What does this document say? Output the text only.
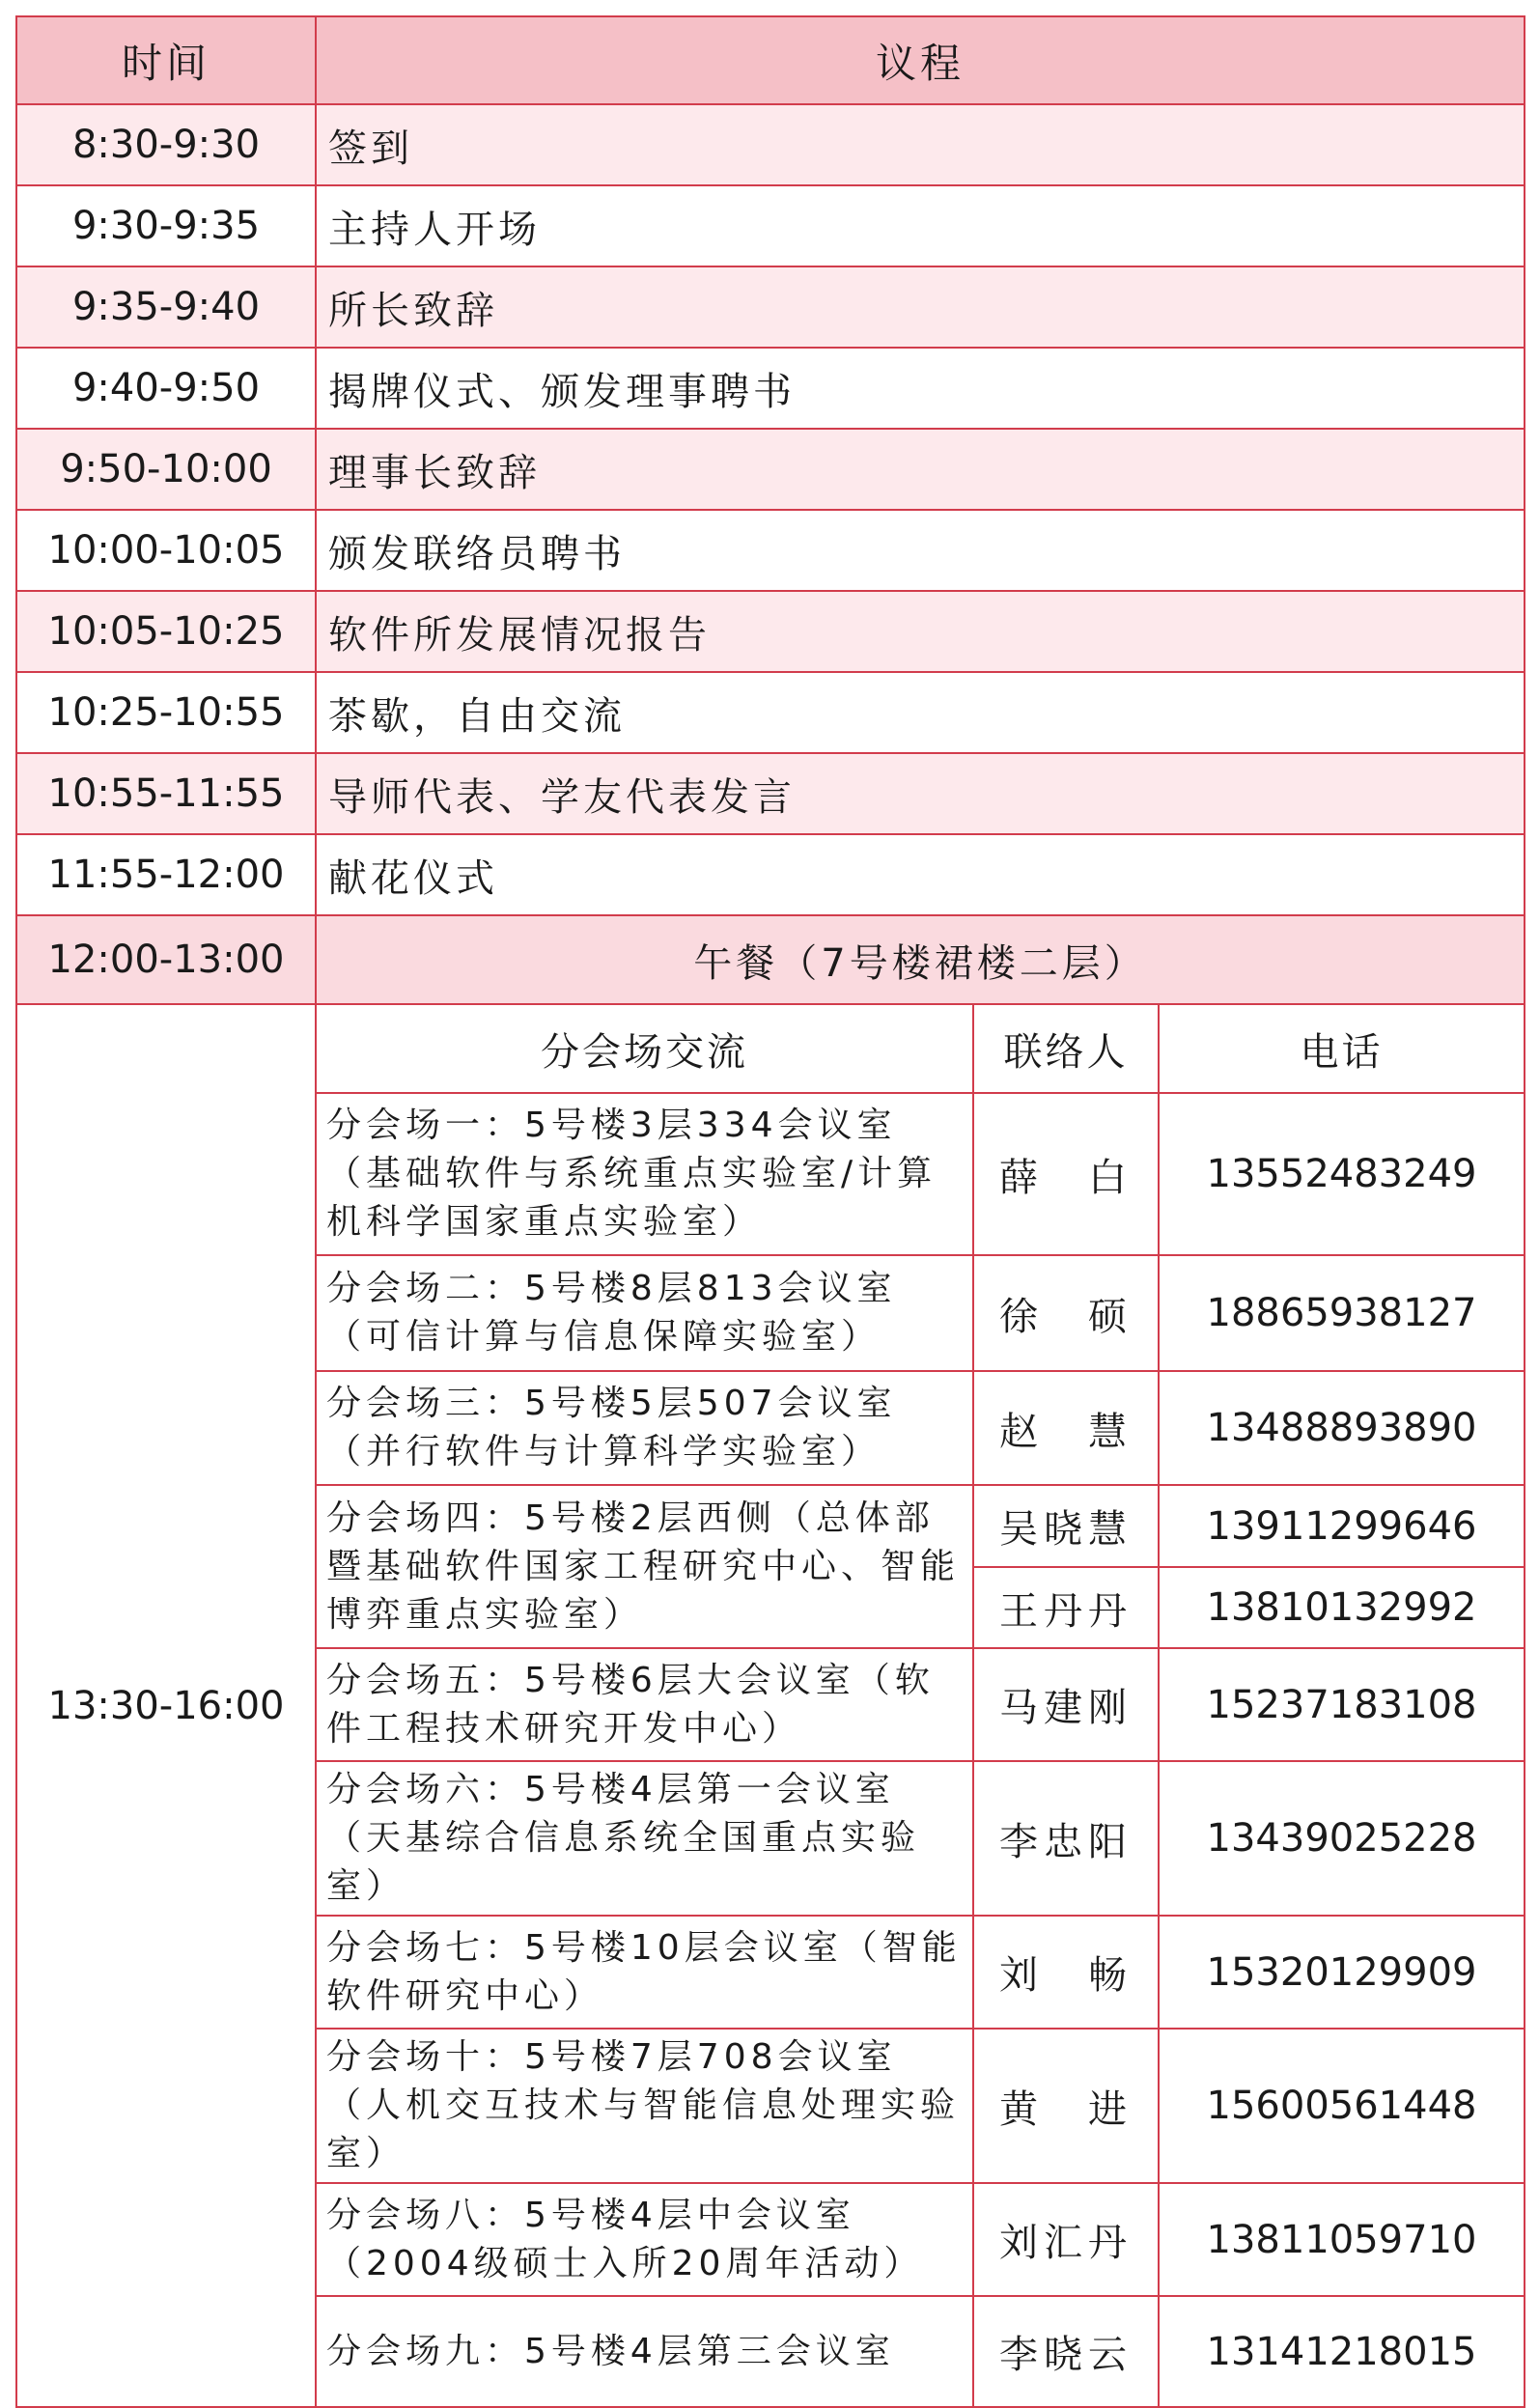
时间	议程		
8:30-9:30	签到		
9:30-9:35	主持人开场		
9:35-9:40	所长致辞		
9:40-9:50	揭牌仪式、颁发理事聘书		
9:50-10:00	理事长致辞		
10:00-10:05	颁发联络员聘书		
10:05-10:25	软件所发展情况报告		
10:25-10:55	茶歇，自由交流		
10:55-11:55	导师代表、学友代表发言		
11:55-12:00	献花仪式		
12:00-13:00	午餐（7号楼裙楼二层）		
13:30-16:00	分会场交流	联络人	电话
	分会场一：5号楼3层334会议室（基础软件与系统重点实验室/计算机科学国家重点实验室）	薛　白	13552483249
	分会场二：5号楼8层813会议室（可信计算与信息保障实验室）	徐　硕	18865938127
	分会场三：5号楼5层507会议室（并行软件与计算科学实验室）	赵　慧	13488893890
	分会场四：5号楼2层西侧（总体部暨基础软件国家工程研究中心、智能博弈重点实验室）	吴晓慧	13911299646
		王丹丹	13810132992
	分会场五：5号楼6层大会议室（软件工程技术研究开发中心）	马建刚	15237183108
	分会场六：5号楼4层第一会议室（天基综合信息系统全国重点实验室）	李忠阳	13439025228
	分会场七：5号楼10层会议室（智能软件研究中心）	刘　畅	15320129909
	分会场十：5号楼7层708会议室（人机交互技术与智能信息处理实验室）	黄　进	15600561448
	分会场八：5号楼4层中会议室（2004级硕士入所20周年活动）	刘汇丹	13811059710
	分会场九：5号楼4层第三会议室	李晓云	13141218015
